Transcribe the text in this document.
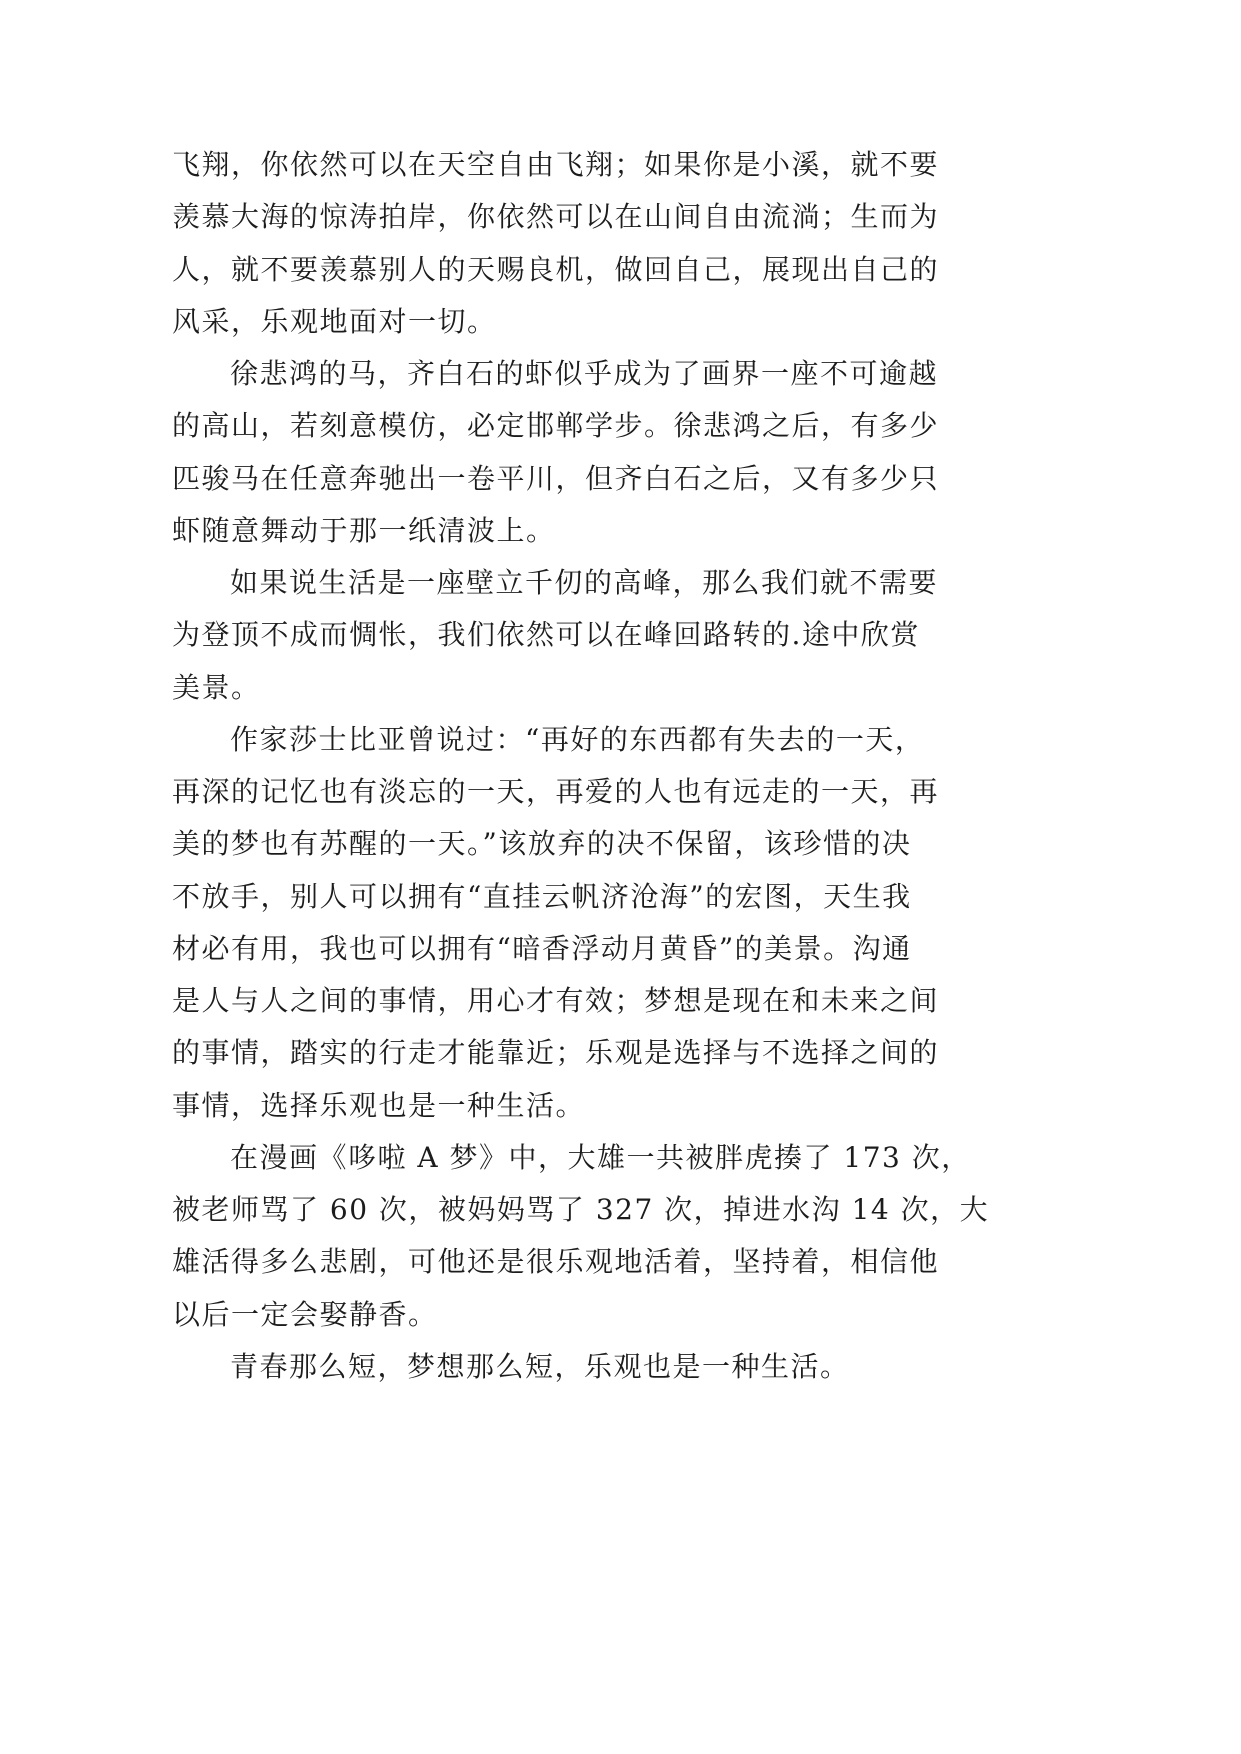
飞翔，你依然可以在天空自由飞翔；如果你是小溪，就不要
羡慕大海的惊涛拍岸，你依然可以在山间自由流淌；生而为
人，就不要羡慕别人的天赐良机，做回自己，展现出自己的
风采，乐观地面对一切。
徐悲鸿的马，齐白石的虾似乎成为了画界一座不可逾越
的高山，若刻意模仿，必定邯郸学步。徐悲鸿之后，有多少
匹骏马在任意奔驰出一卷平川，但齐白石之后，又有多少只
虾随意舞动于那一纸清波上。
如果说生活是一座壁立千仞的高峰，那么我们就不需要
为登顶不成而惆怅，我们依然可以在峰回路转的.途中欣赏
美景。
作家莎士比亚曾说过：“再好的东西都有失去的一天，
再深的记忆也有淡忘的一天，再爱的人也有远走的一天，再
美的梦也有苏醒的一天。”该放弃的决不保留，该珍惜的决
不放手，别人可以拥有“直挂云帆济沧海”的宏图，天生我
材必有用，我也可以拥有“暗香浮动月黄昏”的美景。沟通
是人与人之间的事情，用心才有效；梦想是现在和未来之间
的事情，踏实的行走才能靠近；乐观是选择与不选择之间的
事情，选择乐观也是一种生活。
在漫画《哆啦 A 梦》中，大雄一共被胖虎揍了 173 次，
被老师骂了 60 次，被妈妈骂了 327 次，掉进水沟 14 次，大
雄活得多么悲剧，可他还是很乐观地活着，坚持着，相信他
以后一定会娶静香。
青春那么短，梦想那么短，乐观也是一种生活。
